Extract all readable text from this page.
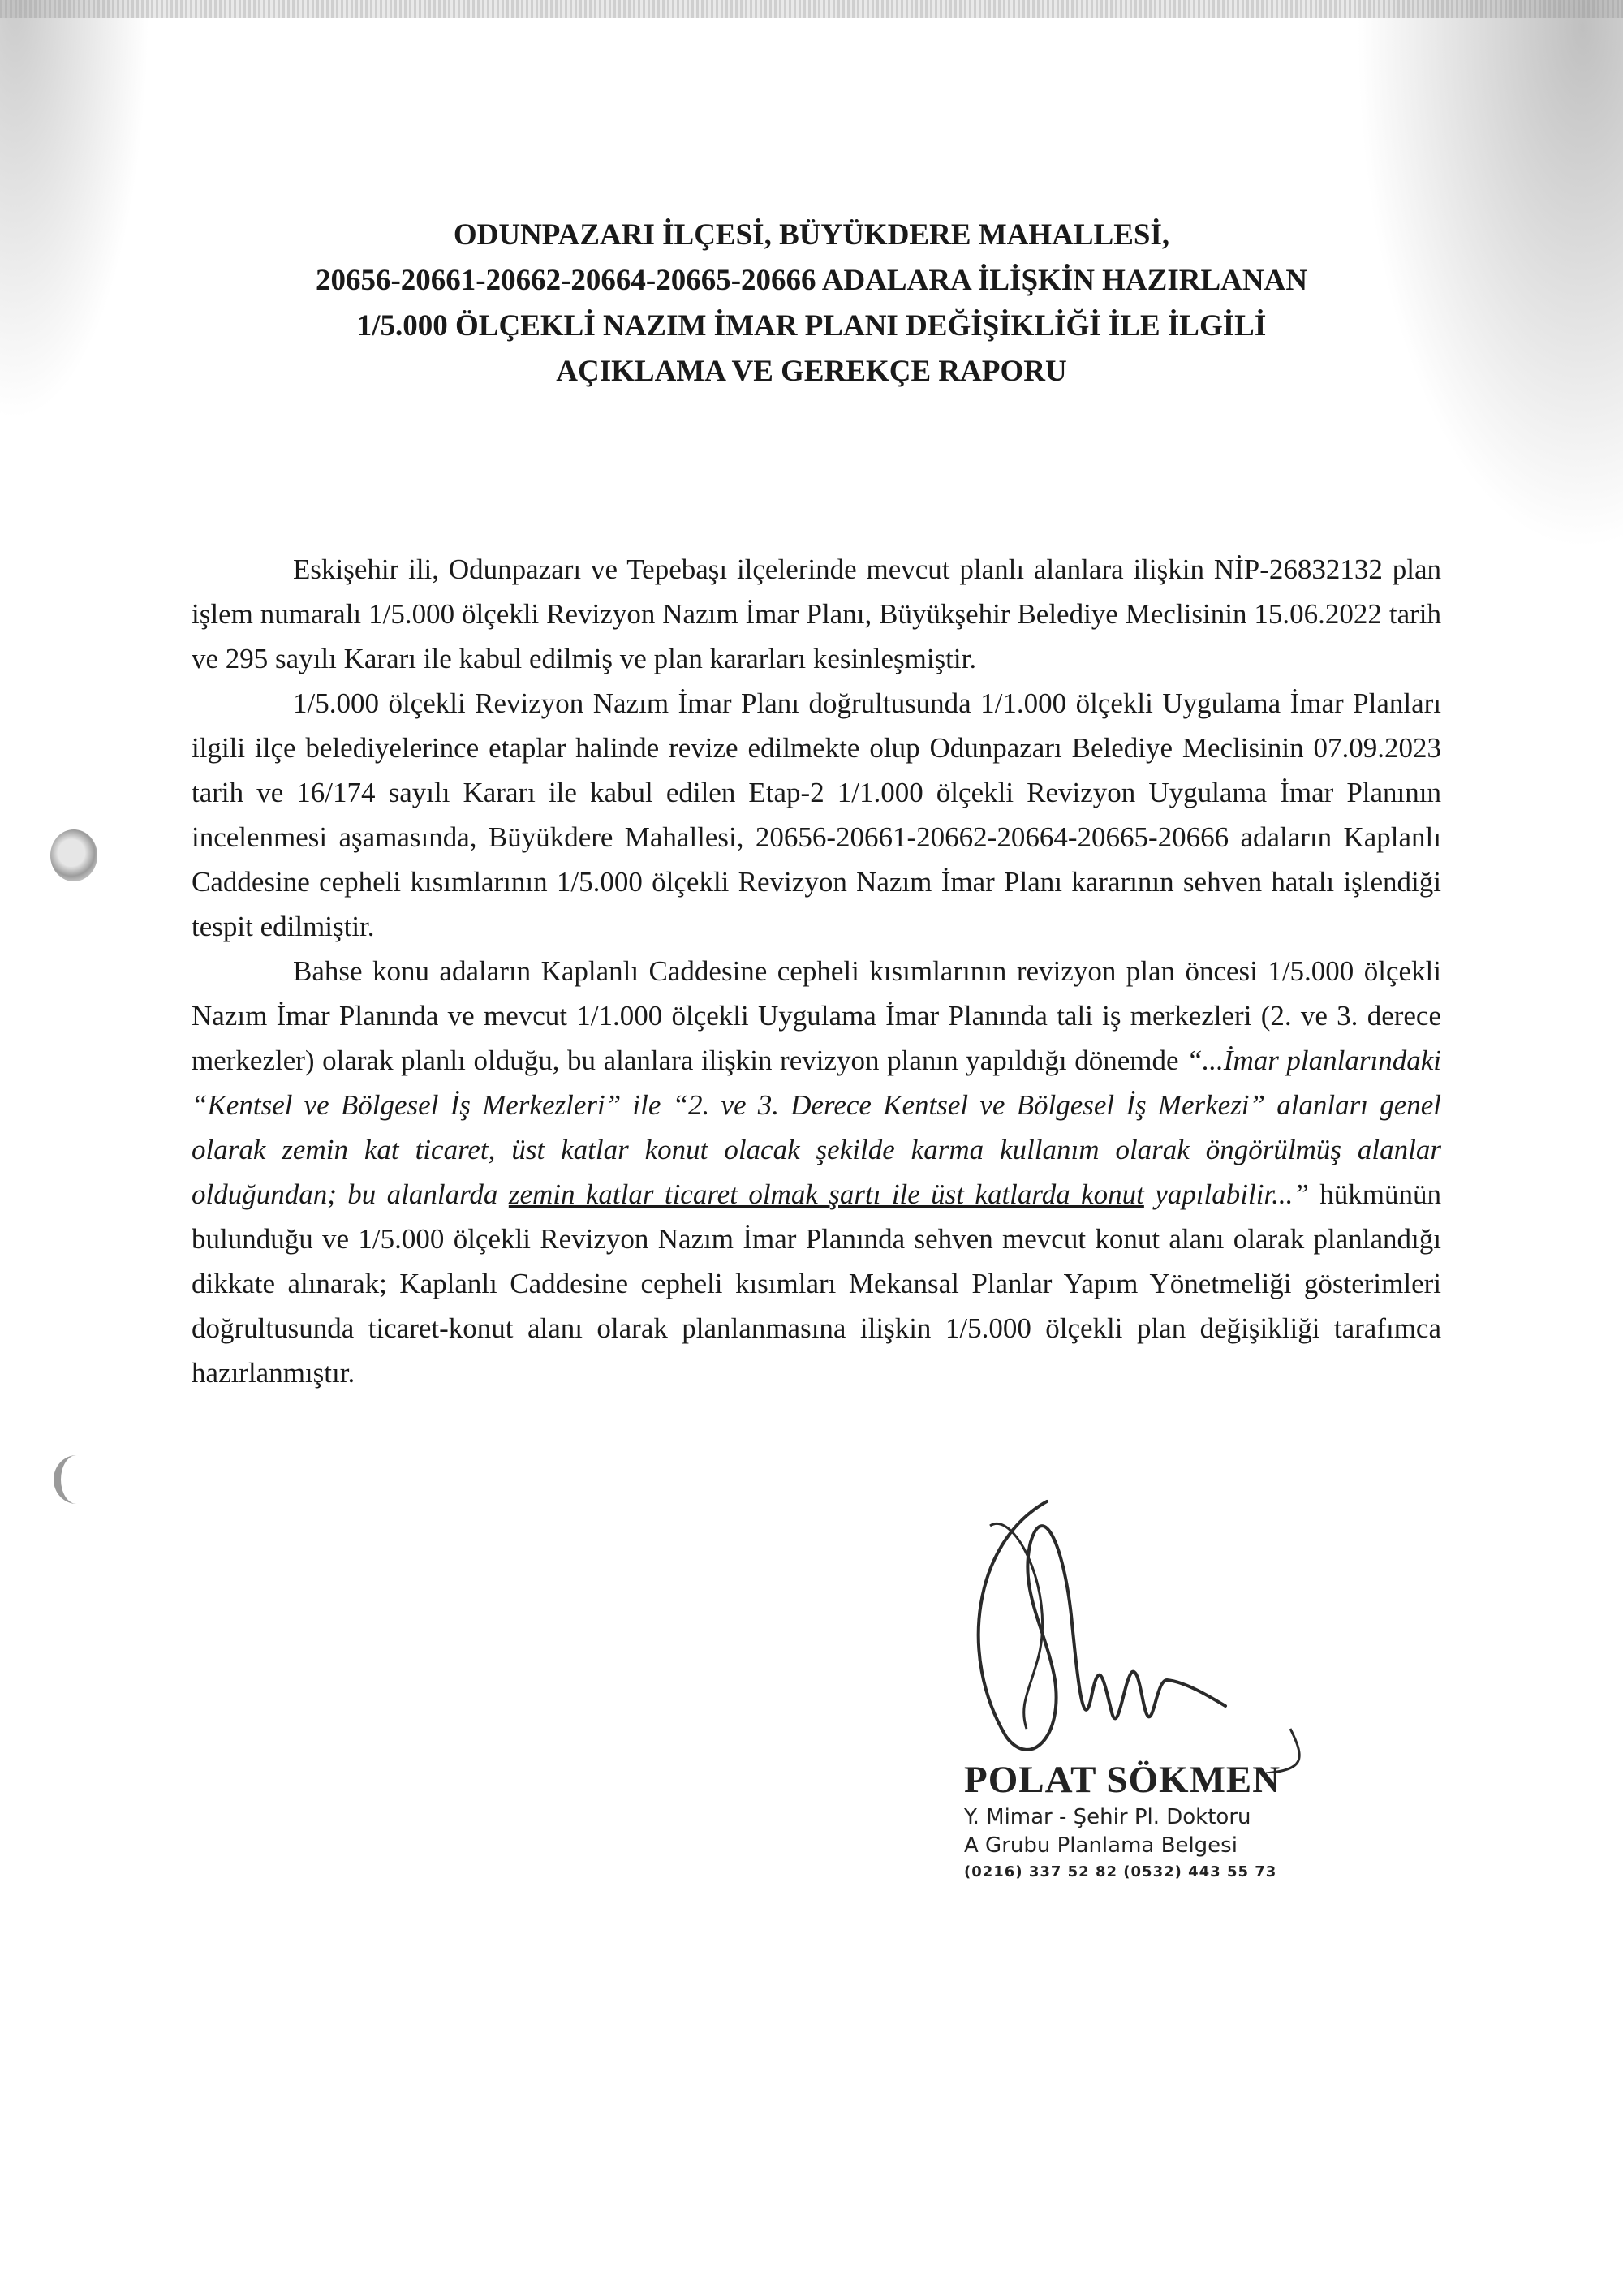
ODUNPAZARI İLÇESİ, BÜYÜKDERE MAHALLESİ,
20656-20661-20662-20664-20665-20666 ADALARA İLİŞKİN HAZIRLANAN
1/5.000 ÖLÇEKLİ NAZIM İMAR PLANI DEĞİŞİKLİĞİ İLE İLGİLİ
AÇIKLAMA VE GEREKÇE RAPORU

Eskişehir ili, Odunpazarı ve Tepebaşı ilçelerinde mevcut planlı alanlara ilişkin NİP-26832132 plan işlem numaralı 1/5.000 ölçekli Revizyon Nazım İmar Planı, Büyükşehir Belediye Meclisinin 15.06.2022 tarih ve 295 sayılı Kararı ile kabul edilmiş ve plan kararları kesinleşmiştir.

1/5.000 ölçekli Revizyon Nazım İmar Planı doğrultusunda 1/1.000 ölçekli Uygulama İmar Planları ilgili ilçe belediyelerince etaplar halinde revize edilmekte olup Odunpazarı Belediye Meclisinin 07.09.2023 tarih ve 16/174 sayılı Kararı ile kabul edilen Etap-2 1/1.000 ölçekli Revizyon Uygulama İmar Planının incelenmesi aşamasında, Büyükdere Mahallesi, 20656-20661-20662-20664-20665-20666 adaların Kaplanlı Caddesine cepheli kısımlarının 1/5.000 ölçekli Revizyon Nazım İmar Planı kararının sehven hatalı işlendiği tespit edilmiştir.

Bahse konu adaların Kaplanlı Caddesine cepheli kısımlarının revizyon plan öncesi 1/5.000 ölçekli Nazım İmar Planında ve mevcut 1/1.000 ölçekli Uygulama İmar Planında tali iş merkezleri (2. ve 3. derece merkezler) olarak planlı olduğu, bu alanlara ilişkin revizyon planın yapıldığı dönemde “...İmar planlarındaki “Kentsel ve Bölgesel İş Merkezleri” ile “2. ve 3. Derece Kentsel ve Bölgesel İş Merkezi” alanları genel olarak zemin kat ticaret, üst katlar konut olacak şekilde karma kullanım olarak öngörülmüş alanlar olduğundan; bu alanlarda zemin katlar ticaret olmak şartı ile üst katlarda konut yapılabilir...” hükmünün bulunduğu ve 1/5.000 ölçekli Revizyon Nazım İmar Planında sehven mevcut konut alanı olarak planlandığı dikkate alınarak; Kaplanlı Caddesine cepheli kısımları Mekansal Planlar Yapım Yönetmeliği gösterimleri doğrultusunda ticaret-konut alanı olarak planlanmasına ilişkin 1/5.000 ölçekli plan değişikliği tarafımca hazırlanmıştır.

POLAT SÖKMEN
Y. Mimar - Şehir Pl. Doktoru
A Grubu Planlama Belgesi
(0216) 337 52 82 (0532) 443 55 73
